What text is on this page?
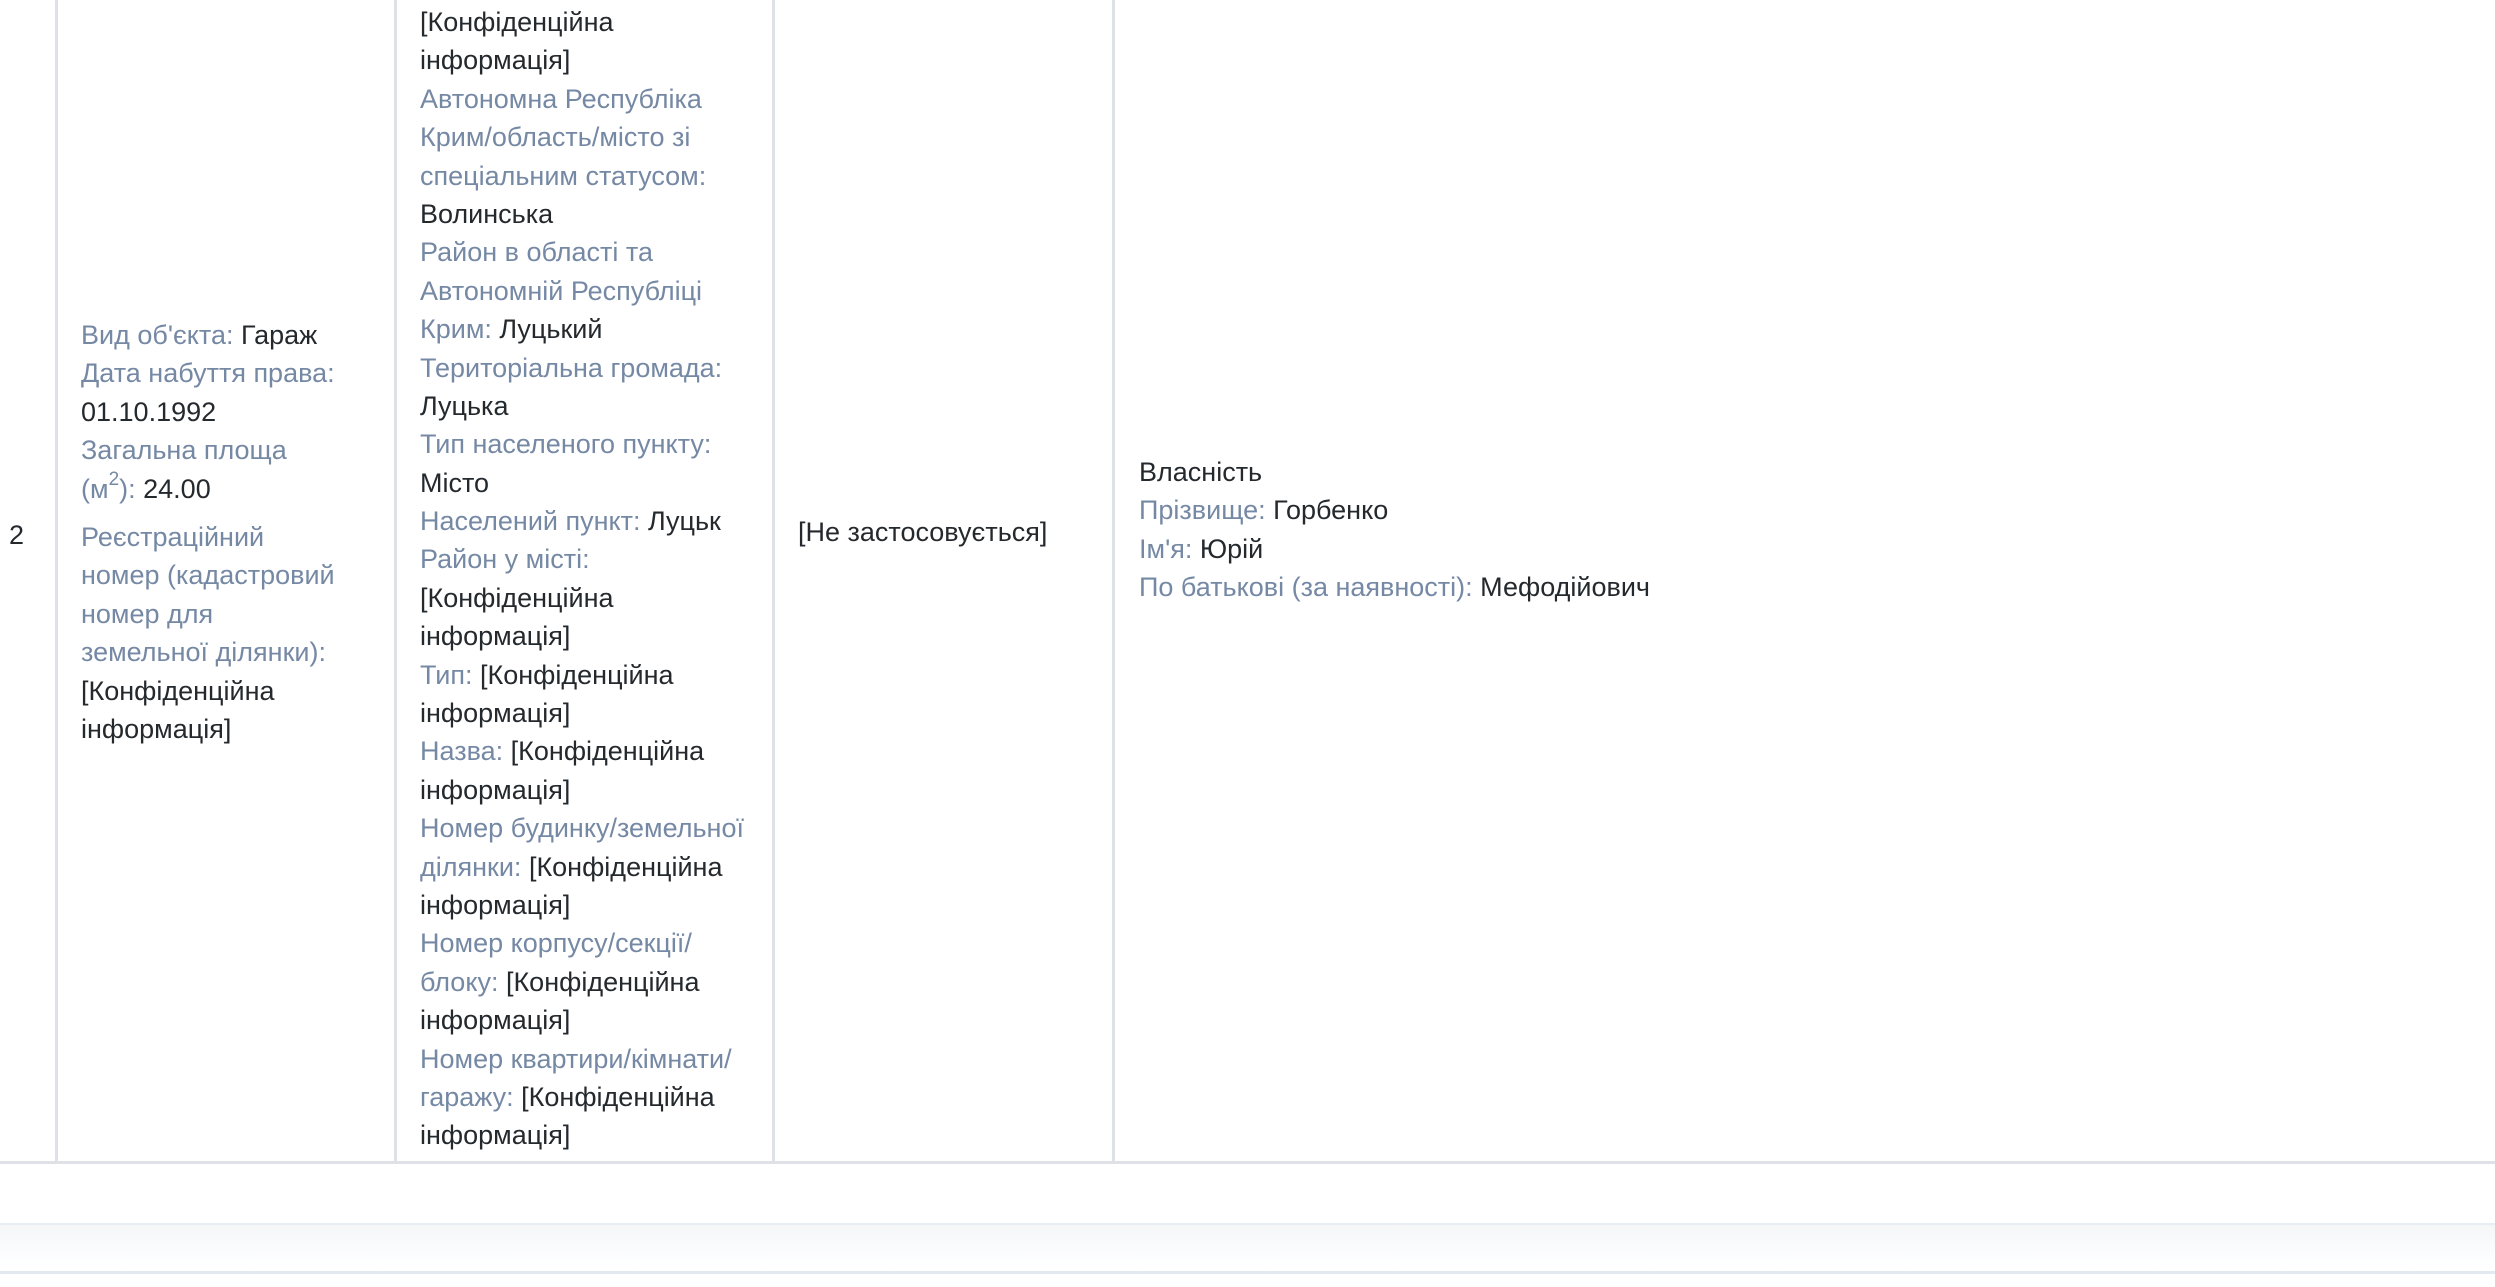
2
Вид об'єкта: Гараж
Дата набуття права:
01.10.1992
Загальна площа
$(м^2)$: 24.00
Реєстраційний
номер (кадастровий
номер для
земельної ділянки):
[Конфіденційна
інформація]
[Конфіденційна
інформація]
Автономна Республіка
Крим/область/місто зі
спеціальним статусом:
Волинська
Район в області та
Автономній Республіці
Крим: Луцький
Територіальна громада:
Луцька
Тип населеного пункту:
Місто
Населений пункт: Луцьк
Район у місті:
[Конфіденційна
інформація]
Тип: [Конфіденційна
інформація]
Назва: [Конфіденційна
інформація]
Номер будинку/земельної
ділянки: [Конфіденційна
інформація]
Номер корпусу/секції/
блоку: [Конфіденційна
інформація]
Номер квартири/кімнати/
гаражу: [Конфіденційна
інформація]
[Не застосовується]
Власність
Прізвище: Горбенко
Ім'я: Юрій
По батькові (за наявності): Мефодійович
